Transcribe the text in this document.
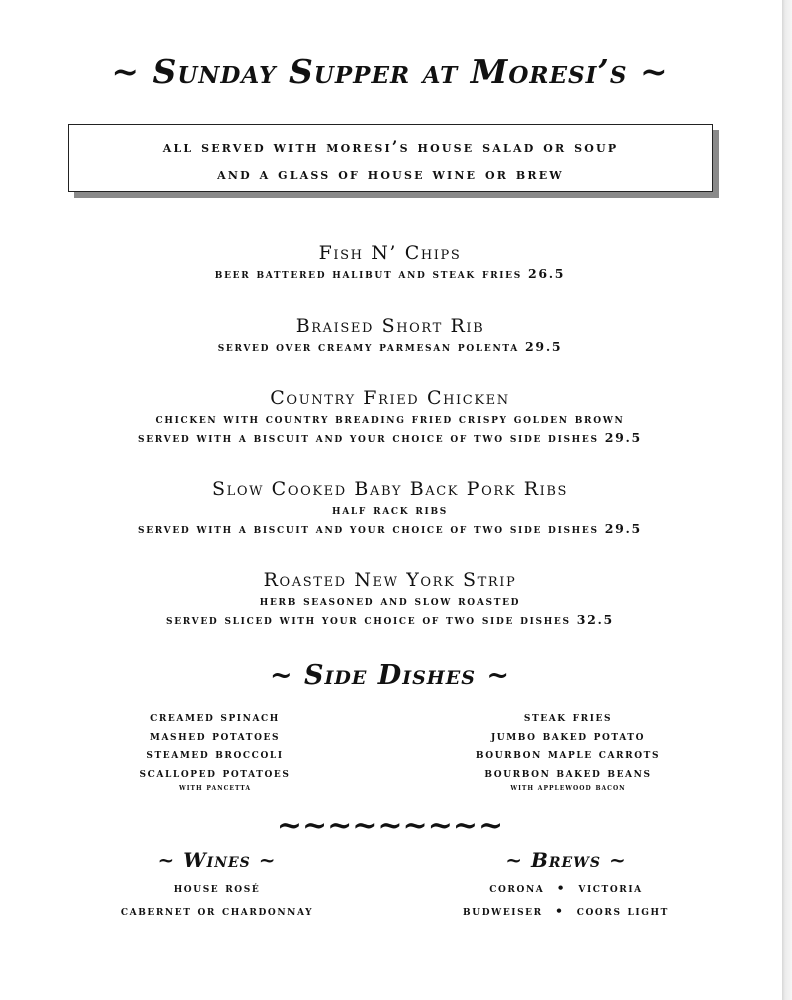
~ Sunday Supper at Moresi’s ~
all served with moresi’s house salad or soup
and a glass of house wine or brew
Fish N’ Chips
beer battered halibut and steak fries 26.5
Braised Short Rib
served over creamy parmesan polenta 29.5
Country Fried Chicken
chicken with country breading fried crispy golden brown
served with a biscuit and your choice of two side dishes 29.5
Slow Cooked Baby Back Pork Ribs
half rack ribs
served with a biscuit and your choice of two side dishes 29.5
Roasted New York Strip
herb seasoned and slow roasted
served sliced with your choice of two side dishes 32.5
~ Side Dishes ~
creamed spinach
mashed potatoes
steamed broccoli
scalloped potatoes
with pancetta
steak fries
jumbo baked potato
bourbon maple carrots
bourbon baked beans
with applewood bacon
~~~~~~~~~
~ Wines ~
house rosé
cabernet or chardonnay
~ Brews ~
corona • victoria
budweiser • coors light
